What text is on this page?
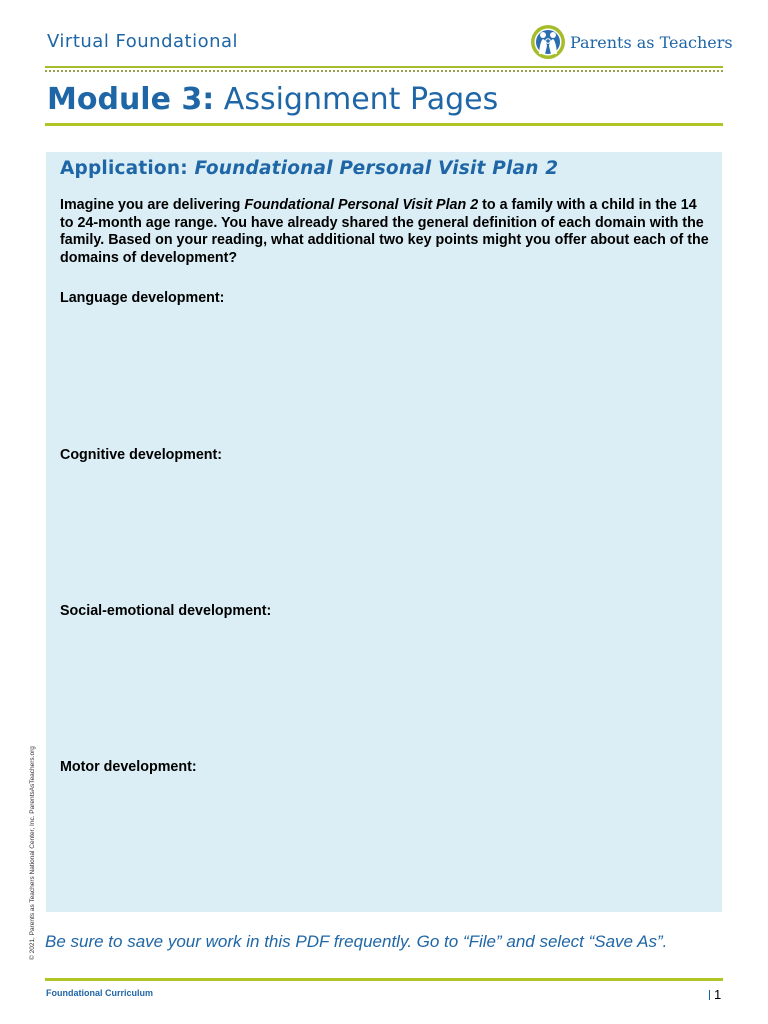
Virtual Foundational	Parents as Teachers
Module 3: Assignment Pages
Application: Foundational Personal Visit Plan 2
Imagine you are delivering Foundational Personal Visit Plan 2 to a family with a child in the 14 to 24-month age range. You have already shared the general definition of each domain with the family. Based on your reading, what additional two key points might you offer about each of the domains of development?
Language development:
Cognitive development:
Social-emotional development:
Motor development:
Be sure to save your work in this PDF frequently. Go to “File” and select “Save As”.
Foundational Curriculum	1
© 2021, Parents as Teachers National Center, Inc. ParentsAsTeachers.org
